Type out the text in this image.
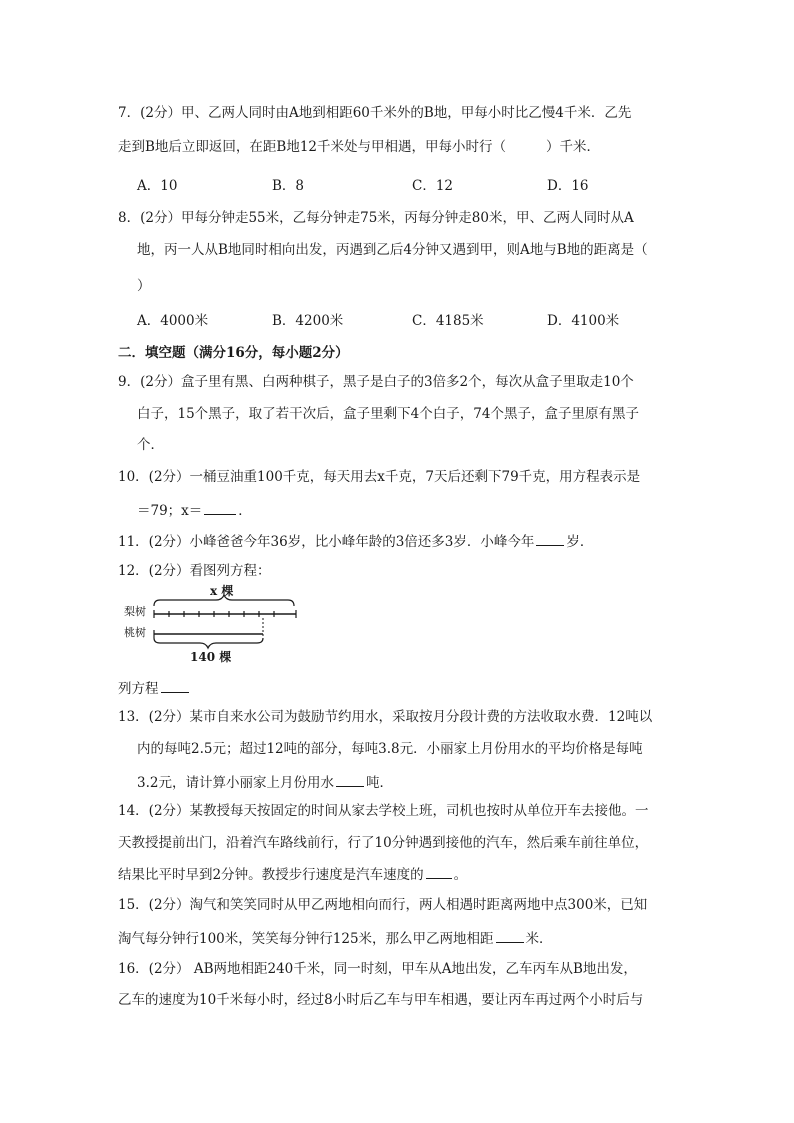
7．(2分）甲、乙两人同时由A地到相距60千米外的B地，甲每小时比乙慢4千米．乙先
走到B地后立即返回，在距B地12千米处与甲相遇，甲每小时行（	）千米．
A．10	B．8	C．12	D．16
8．(2分）甲每分钟走55米，乙每分钟走75米，丙每分钟走80米，甲、乙两人同时从A
地，丙一人从B地同时相向出发，丙遇到乙后4分钟又遇到甲，则A地与B地的距离是（
）
A．4000米	B．4200米	C．4185米	D．4100米
二．填空题（满分16分，每小题2分）
9．(2分）盒子里有黑、白两种棋子，黑子是白子的3倍多2个，每次从盒子里取走10个
白子，15个黑子，取了若干次后，盒子里剩下4个白子，74个黑子，盒子里原有黑子
个．
10．(2分）一桶豆油重100千克，每天用去x千克，7天后还剩下79千克，用方程表示是
＝79；x＝	．
11．(2分）小峰爸爸今年36岁，比小峰年龄的3倍还多3岁．小峰今年 岁．
12．(2分）看图列方程：
x 棵
梨树
桃树
140 棵
列方程
13．(2分）某市自来水公司为鼓励节约用水，采取按月分段计费的方法收取水费．12吨以
内的每吨2.5元；超过12吨的部分，每吨3.8元．小丽家上月份用水的平均价格是每吨
3.2元，请计算小丽家上月份用水 吨．
14．(2分）某教授每天按固定的时间从家去学校上班，司机也按时从单位开车去接他。一
天教授提前出门，沿着汽车路线前行，行了10分钟遇到接他的汽车，然后乘车前往单位，
结果比平时早到2分钟。教授步行速度是汽车速度的 。
15．(2分）淘气和笑笑同时从甲乙两地相向而行，两人相遇时距离两地中点300米，已知
淘气每分钟行100米，笑笑每分钟行125米，那么甲乙两地相距 米．
16．(2分） AB两地相距240千米，同一时刻，甲车从A地出发，乙车丙车从B地出发，
乙车的速度为10千米每小时，经过8小时后乙车与甲车相遇，要让丙车再过两个小时后与
